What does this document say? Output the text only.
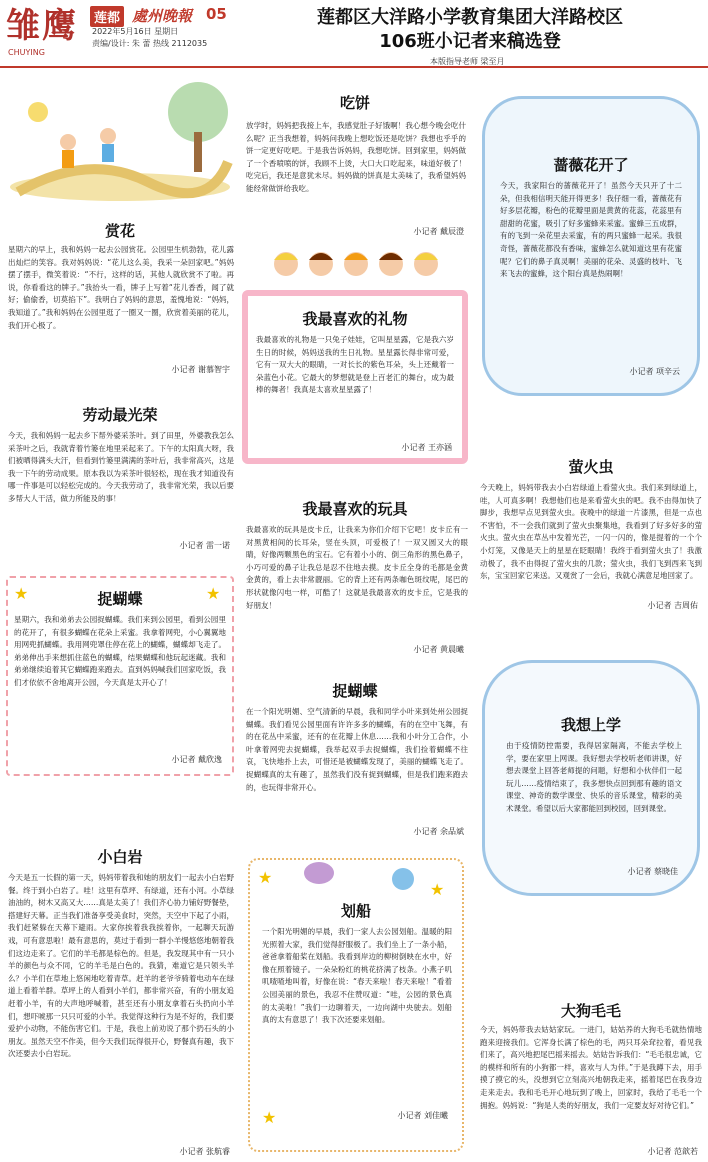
雏鹰
CHUYING
莲都 處州晚報 05
2022年5月16日 星期日
责编/设计: 朱 蕾 热线 2112035
莲都区大洋路小学教育集团大洋路校区
106班小记者来稿选登
本版指导老师 梁至月
赏花
星期六的早上，我和妈妈一起去公园赏花。公园里生机勃勃，花儿露出灿烂的笑容。我对妈妈说：“花儿这么美，我采一朵回家吧。”妈妈摆了摆手，微笑着说：“不行，这样的话，其他人就欣赏不了啦。再说，你看看这的牌子。”我抬头一看，牌子上写着“花儿香香，闻了就好；偷偷香，切莫掐下”。我明白了妈妈的意思，羞愧地说：“妈妈，我知道了。”我和妈妈在公园里逛了一圈又一圈，欣赏着美丽的花儿，我们开心极了。
小记者 谢慕智宇
劳动最光荣
今天，我和妈妈一起去乡下帮外婆采茶叶。到了田里，外婆教我怎么采茶叶之后，我就背着竹篓在地里采起来了。下午的太阳真大呀，我们被晒得满头大汗，但看到竹篓里满满的茶叶后，我非常高兴，这是我一下午的劳动成果。原本我以为采茶叶很轻松，现在我才知道没有哪一件事是可以轻松完成的。今天我劳动了，我非常光荣，我以后要多帮大人干活，做力所能及的事！
小记者 雷一诺
★	★
捉蝴蝶
星期六，我和弟弟去公园捉蝴蝶。我们来到公园里，看到公园里的花开了，有很多蝴蝶在花朵上采蜜。我拿着网兜，小心翼翼地用网兜抓蝴蝶。我用网兜罩住停在花上的蝴蝶，蝴蝶却飞走了。弟弟伸出手来想抓住蓝色的蝴蝶，结果蝴蝶和他玩起迷藏。我和弟弟继续追着其它蝴蝶跑来跑去。直到妈妈喊我们回家吃饭，我们才依依不舍地离开公园，今天真是太开心了！
小记者 戴欣逸
小白岩
今天是五一长假的第一天，妈妈带着我和她的朋友们一起去小白岩野餐。终于到小白岩了。哇！这里有草坪、有绿道，还有小河。小草绿油油的，树木又高又大……真是太美了！我们齐心协力铺好野餐垫，搭建好天幕。正当我们准备享受美食时，突然，天空中下起了小雨，我们赶紧躲在天幕下避雨。大家你挨着我我挨着你，一起聊天玩游戏，可有意思啦！最有意思的，莫过于看到一群小羊慢悠悠地朝着我们这边走来了。它们的羊毛都是棕色的。但是，我发现其中有一只小羊的颜色与众不同，它的羊毛是白色的。我猜，难道它是只领头羊么？小羊们在草地上悠闲地吃着青草。赶羊的老爷爷骑着电动车在绿道上看着羊群。草坪上的人看到小羊们，都非常兴奋，有的小朋友追赶着小羊，有的大声地呼喊着，甚至还有小朋友拿着石头扔向小羊们，想吓唬那一只只可爱的小羊。我觉得这种行为是不好的，我们要爱护小动物，不能伤害它们。于是，我也上前劝说了那个扔石头的小朋友。虽然天空不作美，但今天我们玩得很开心，野餐真有趣，我下次还要去小白岩玩。
小记者 张航睿
吃饼
放学时，妈妈把我接上车，我感觉肚子好饿啊！我心想今晚会吃什么呢？正当我想着，妈妈问我晚上想吃饭还是吃饼？我想也乎乎的饼一定更好吃吧。于是我告诉妈妈，我想吃饼。回到家里，妈妈做了一个香喷喷的饼，我顾不上烫，大口大口吃起来，味道好极了！吃完后，我还是意犹未尽。妈妈做的饼真是太美味了，我希望妈妈能经常做饼给我吃。
小记者 戴辰澄
我最喜欢的礼物
我最喜欢的礼物是一只兔子娃娃，它叫星星露，它是我六岁生日的时候，妈妈送我的生日礼物。星星露长得非常可爱，它有一双大大的眼睛，一对长长的紫色耳朵，头上还戴着一朵蓝色小花。它最大的梦想就是登上百老汇的舞台，成为最棒的舞者！我真是太喜欢星星露了！
小记者 王亦涵
我最喜欢的玩具
我最喜欢的玩具是皮卡丘，让我来为你们介绍下它吧！皮卡丘有一对黑黄相间的长耳朵，竖在头顶，可爱极了！一双又圆又大的眼睛，好像两颗黑色的宝石。它有着小小的、倒三角形的黑色鼻子，小巧可爱的鼻子让我总是忍不住地去摸。皮卡丘全身的毛都是金黄金黄的，看上去非常靓丽。它的背上还有两条咖色斑纹呢，尾巴的形状就像闪电一样，可酷了！这就是我最喜欢的皮卡丘，它是我的好朋友！
小记者 黄晨曦
捉蝴蝶
在一个阳光明媚、空气清新的早晨，我和同学小叶来到处州公园捉蝴蝶。我们看见公园里面有许许多多的蝴蝶，有的在空中飞舞，有的在花丛中采蜜，还有的在花瓣上休息……我和小叶分工合作，小叶拿着网兜去捉蝴蝶，我举起双手去捉蝴蝶，我们捡着蝴蝶不往哀，飞快地扑上去，可惜还是被蝴蝶发现了，美丽的蝴蝶飞走了。捉蝴蝶真的太有趣了，虽然我们没有捉到蝴蝶，但是我们跑来跑去的，也玩得非常开心。
小记者 余品斌
★
★
★
划船
一个阳光明媚的早晨，我们一家人去公园划船。温暖的阳光照着大家，我们觉得舒服极了。我们坐上了一条小船，爸爸拿着船桨在划船。我看到岸边的柳树倒映在水中，好像在照着镜子。一朵朵粉红的桃花挤满了枝条。小燕子叽叽喳喳地叫着，好像在说：“春天来啦！春天来啦！”看着公园美丽的景色，我忍不住赞叹道：“哇，公园的景色真的太美啦！”我们一边聊着天，一边向湖中央驶去。划船真的太有意思了！我下次还要来划船。
小记者 刘佳曦
蔷薇花开了
今天，我家阳台的蔷薇花开了！虽然今天只开了十二朵，但我相信明天能开得更多！我仔细一看，蔷薇花有好多层花瓣，粉色的花瓣里面是黄黄的花蕊，花蕊里有甜甜的花蜜，吸引了好多蜜蜂来采蜜。蜜蜂三五成群，有的飞到一朵花里去采蜜，有的两只蜜蜂一起采。我很奇怪，蔷薇花都没有香味，蜜蜂怎么就知道这里有花蜜呢？它们的鼻子真灵啊！美丽的花朵、灵盛的枝叶、飞来飞去的蜜蜂，这个阳台真是热闹啊！
小记者 项辛云
萤火虫
今天晚上，妈妈带我去小白岩绿道上看萤火虫。我们来到绿道上，哇，人可真多啊！我想他们也是来看萤火虫的吧。我不由得加快了脚步，我想早点见到萤火虫。夜晚中的绿道一片漆黑，但是一点也不害怕，不一会我们就到了萤火虫聚集地，我看到了好多好多的萤火虫。萤火虫在草丛中发着光芒，一闪一闪的，像是提着的一个个小灯笼，又像是天上的星星在眨眼睛！我终于看到萤火虫了！我激动极了，我不由得捉了萤火虫的几款；萤火虫，我们飞到西来飞到东，宝宝回家它来送。又观赏了一会后，我就心满意足地回家了。
小记者 吉周佑
我想上学
由于疫情防控需要，我得居家隔离，不能去学校上学，要在家里上网课。我好想去学校听老师讲课，好想去课堂上回答老师提的问题，好想和小伙伴们一起玩儿……疫情结束了，我多想快点回到那有趣的语文课堂、神奇的数学课堂、快乐的音乐课堂，精彩的美术课堂。希望以后大家都能回到校园，回到课堂。
小记者 蔡晓佳
大狗毛毛
今天，妈妈带我去姑姑家玩。一进门，姑姑养的大狗毛毛就热情地跑来迎接我们。它浑身长满了棕色的毛，两只耳朵耷拉着，看见我们来了，高兴地把尾巴摇来摇去。姑姑告诉我们：“毛毛很忠诚，它的模样和所有的小狗都一样，喜欢与人为伴。”于是我蹲下去，用手摸了摸它的头，没想到它立刻高兴地朝我走来，摇着尾巴在我身边走来走去。我和毛毛开心地玩到了晚上，回家时，我给了毛毛一个拥抱。妈妈说：“狗是人类的好朋友，我们一定要友好对待它们。”
小记者 范歆若
